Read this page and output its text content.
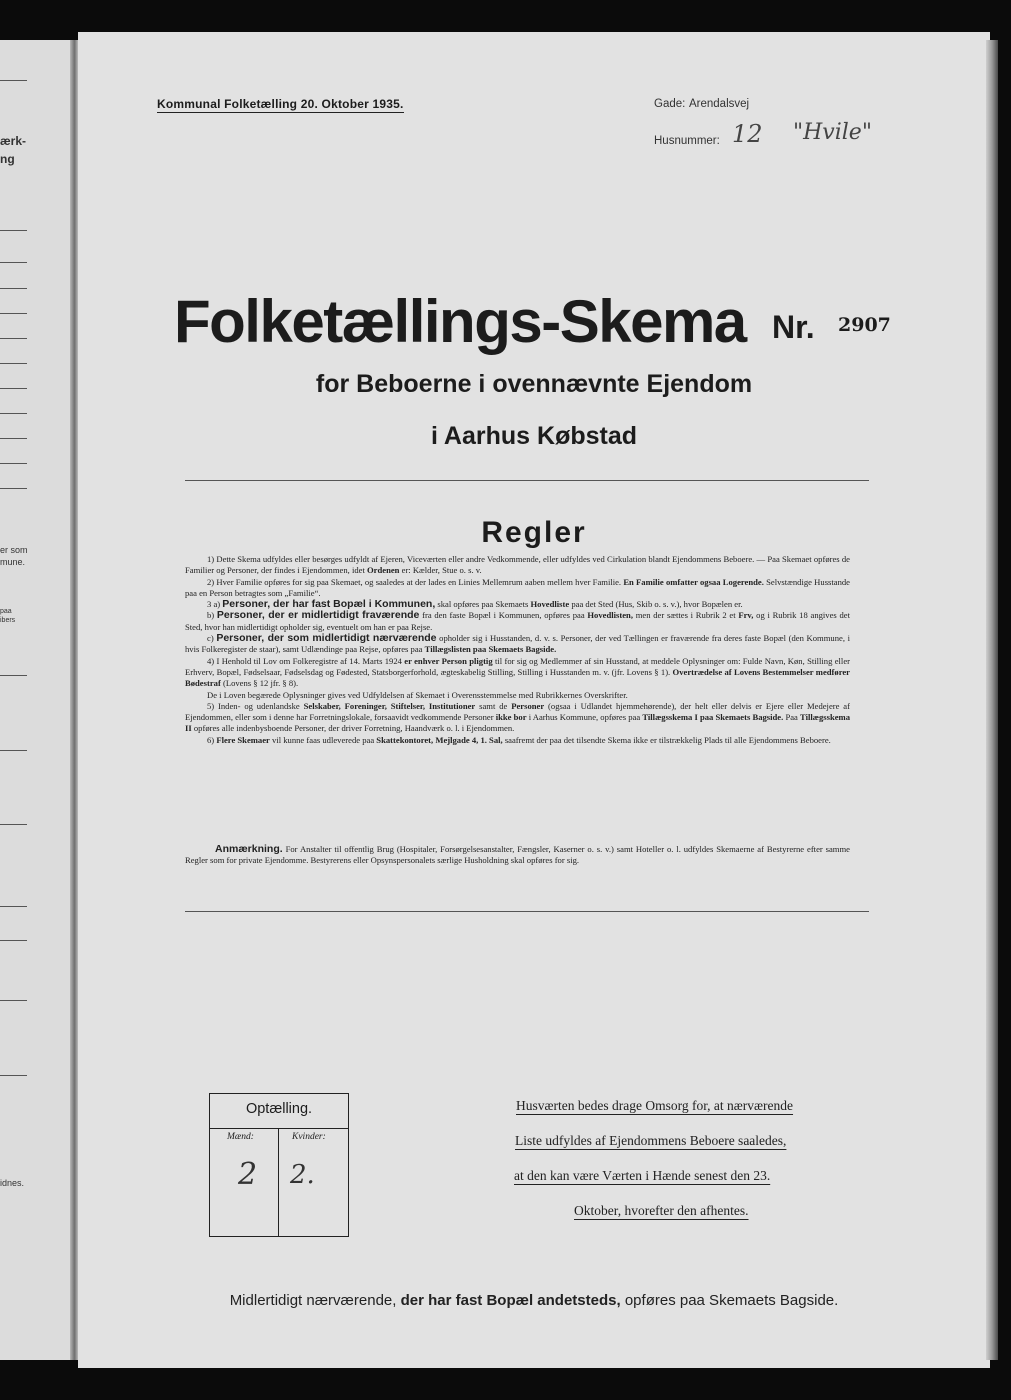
ærk-
ng
er som
mune.
paa
ibers
idnes.
Kommunal Folketælling 20. Oktober 1935.	Gade: Arendalsvej
Husnummer: 12 "Hvile"
Folketællings-Skema Nr. 2907
for Beboerne i ovennævnte Ejendom
i Aarhus Købstad
Regler

1) Dette Skema udfyldes eller besørges udfyldt af Ejeren, Viceværten eller andre Vedkommende, eller udfyldes ved Cirkulation blandt Ejendommens Beboere. — Paa Skemaet opføres de Familier og Personer, der findes i Ejendommen, idet Ordenen er: Kælder, Stue o. s. v.

2) Hver Familie opføres for sig paa Skemaet, og saaledes at der lades en Linies Mellemrum aaben mellem hver Familie. En Familie omfatter ogsaa Logerende. Selvstændige Husstande paa en Person betragtes som „Familie“.

3 a) Personer, der har fast Bopæl i Kommunen, skal opføres paa Skemaets Hovedliste paa det Sted (Hus, Skib o. s. v.), hvor Bopælen er.

b) Personer, der er midlertidigt fraværende fra den faste Bopæl i Kommunen, opføres paa Hovedlisten, men der sættes i Rubrik 2 et Frv, og i Rubrik 18 angives det Sted, hvor han midlertidigt opholder sig, eventuelt om han er paa Rejse.

c) Personer, der som midlertidigt nærværende opholder sig i Husstanden, d. v. s. Personer, der ved Tællingen er fraværende fra deres faste Bopæl (den Kommune, i hvis Folkeregister de staar), samt Udlændinge paa Rejse, opføres paa Tillægslisten paa Skemaets Bagside.

4) I Henhold til Lov om Folkeregistre af 14. Marts 1924 er enhver Person pligtig til for sig og Medlemmer af sin Husstand, at meddele Oplysninger om: Fulde Navn, Køn, Stilling eller Erhverv, Bopæl, Fødselsaar, Fødselsdag og Fødested, Statsborgerforhold, ægteskabelig Stilling, Stilling i Husstanden m. v. (jfr. Lovens § 1). Overtrædelse af Lovens Bestemmelser medfører Bødestraf (Lovens § 12 jfr. § 8).

De i Loven begærede Oplysninger gives ved Udfyldelsen af Skemaet i Overensstemmelse med Rubrikkernes Overskrifter.

5) Inden- og udenlandske Selskaber, Foreninger, Stiftelser, Institutioner samt de Personer (ogsaa i Udlandet hjemmehørende), der helt eller delvis er Ejere eller Medejere af Ejendommen, eller som i denne har Forretningslokale, forsaavidt vedkommende Personer ikke bor i Aarhus Kommune, opføres paa Tillægsskema I paa Skemaets Bagside. Paa Tillægsskema II opføres alle indenbysboende Personer, der driver Forretning, Haandværk o. l. i Ejendommen.

6) Flere Skemaer vil kunne faas udleverede paa Skattekontoret, Mejlgade 4, 1. Sal, saafremt der paa det tilsendte Skema ikke er tilstrækkelig Plads til alle Ejendommens Beboere.

Anmærkning. For Anstalter til offentlig Brug (Hospitaler, Forsørgelsesanstalter, Fængsler, Kaserner o. s. v.) samt Hoteller o. l. udfyldes Skemaerne af Bestyrerne efter samme Regler som for private Ejendomme. Bestyrerens eller Opsynspersonalets særlige Husholdning skal opføres for sig.
Optælling.
Mænd:	Kvinder:
2 2.
Husværten bedes drage Omsorg for, at nærværende
Liste udfyldes af Ejendommens Beboere saaledes,
at den kan være Værten i Hænde senest den 23.
Oktober, hvorefter den afhentes.
Midlertidigt nærværende, der har fast Bopæl andetsteds, opføres paa Skemaets Bagside.
